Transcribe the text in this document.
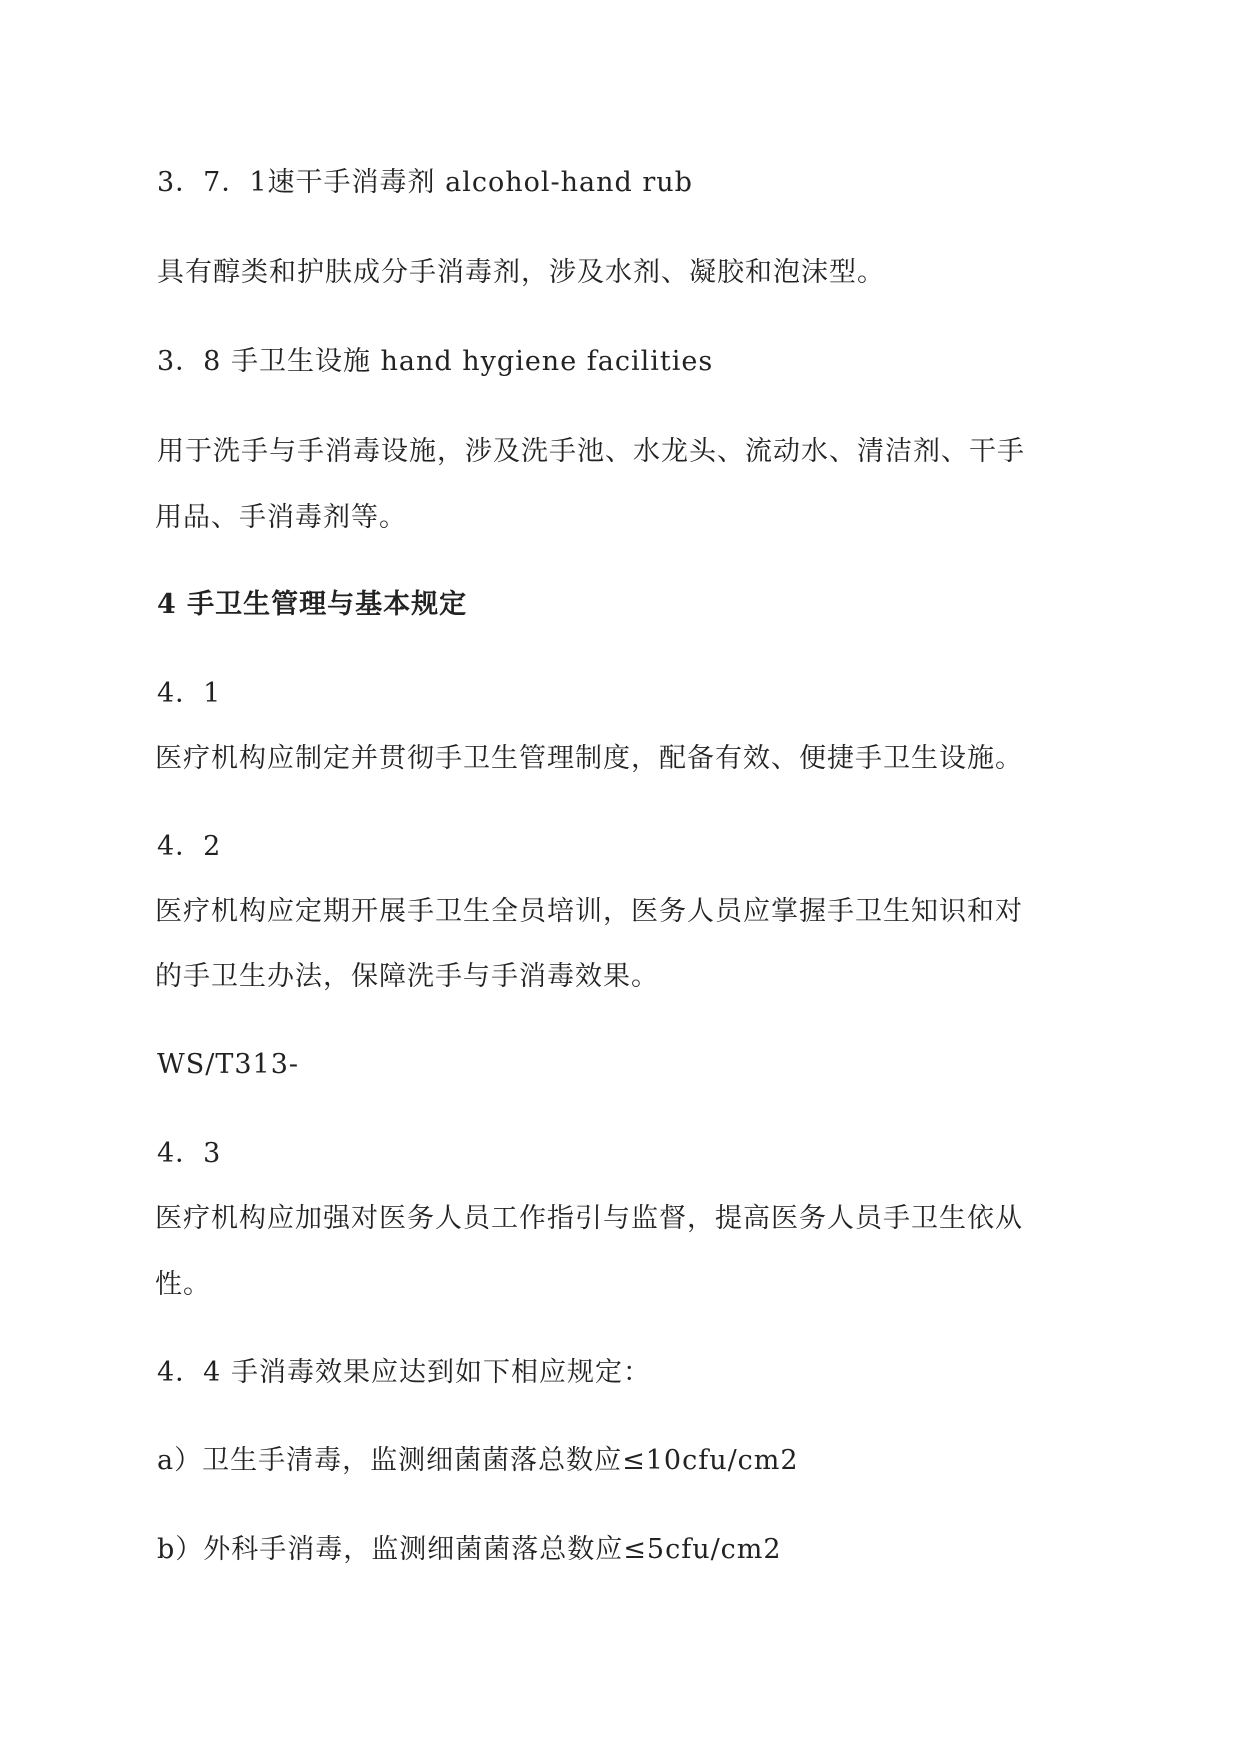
3．7．1速干手消毒剂 alcohol-hand rub
具有醇类和护肤成分手消毒剂，涉及水剂、凝胶和泡沫型。
3．8 手卫生设施 hand hygiene facilities
用于洗手与手消毒设施，涉及洗手池、水龙头、流动水、清洁剂、干手
用品、手消毒剂等。
4 手卫生管理与基本规定
4．1
医疗机构应制定并贯彻手卫生管理制度，配备有效、便捷手卫生设施。
4．2
医疗机构应定期开展手卫生全员培训，医务人员应掌握手卫生知识和对
的手卫生办法，保障洗手与手消毒效果。
WS/T313-
4．3
医疗机构应加强对医务人员工作指引与监督，提高医务人员手卫生依从
性。
4．4 手消毒效果应达到如下相应规定：
a）卫生手清毒，监测细菌菌落总数应≤10cfu/cm2
b）外科手消毒，监测细菌菌落总数应≤5cfu/cm2
